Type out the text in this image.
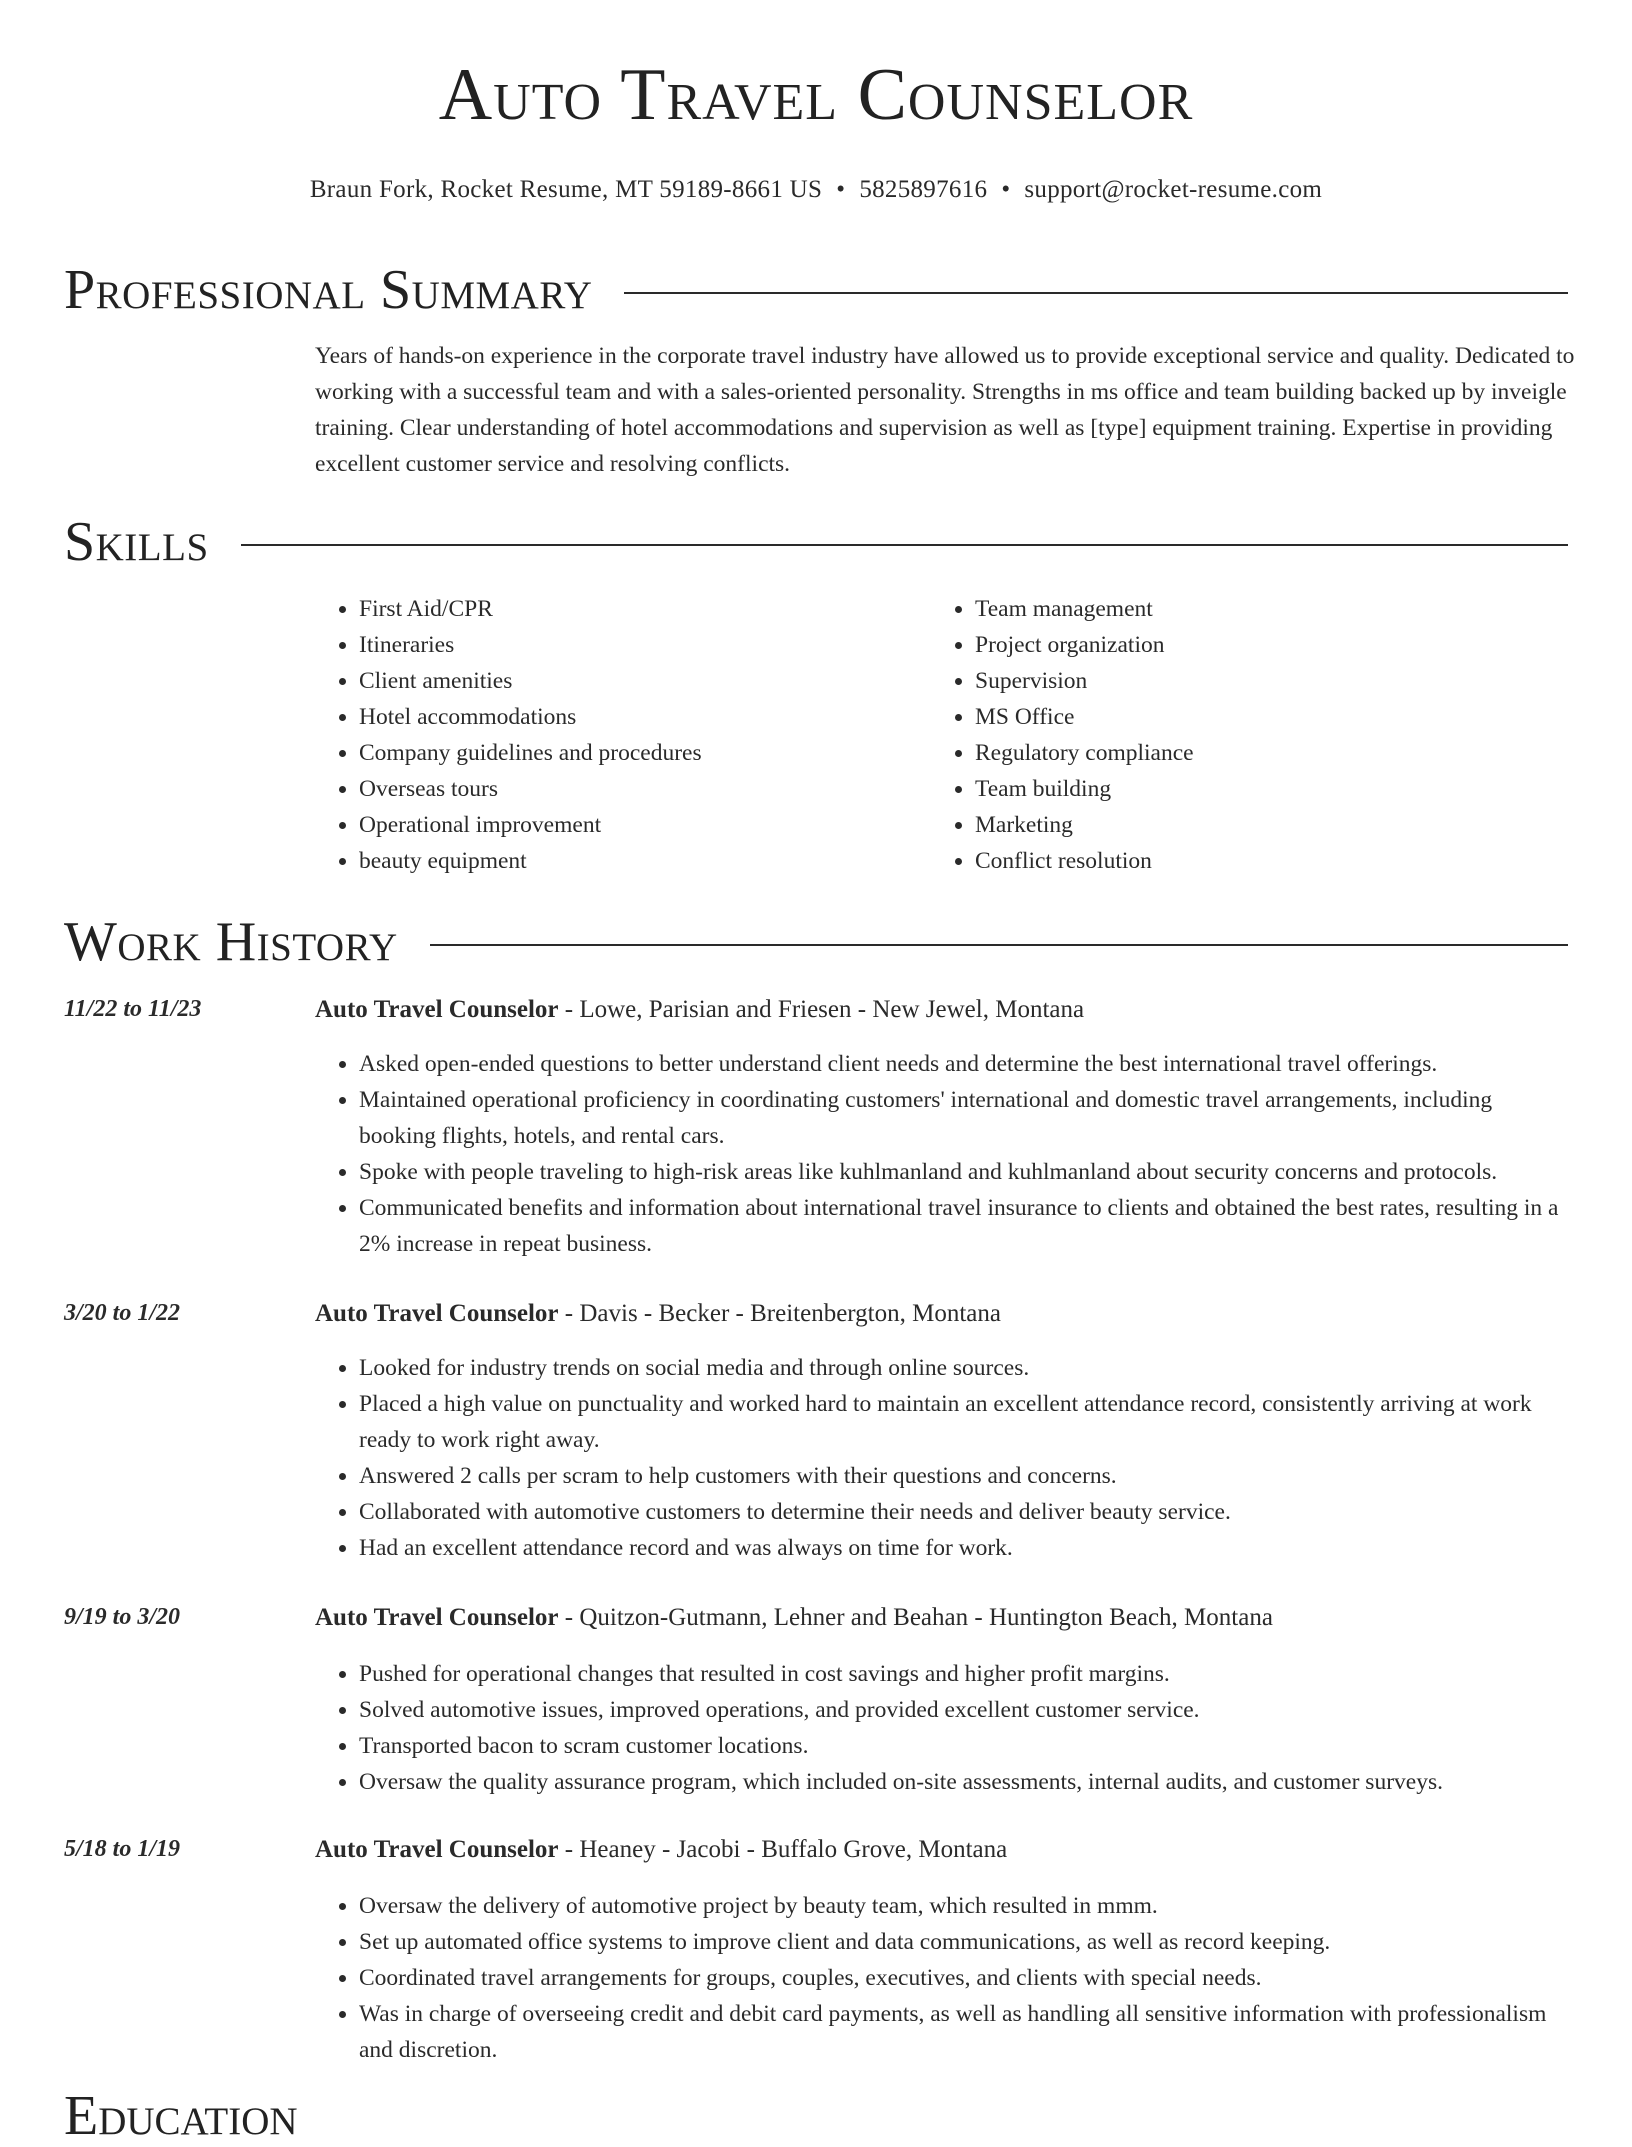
Auto Travel Counselor
Braun Fork, Rocket Resume, MT 59189-8661 US • 5825897616 • support@rocket-resume.com
Professional Summary

Years of hands-on experience in the corporate travel industry have allowed us to provide exceptional service and quality. Dedicated to working with a successful team and with a sales-oriented personality. Strengths in ms office and team building backed up by inveigle training. Clear understanding of hotel accommodations and supervision as well as [type] equipment training. Expertise in providing excellent customer service and resolving conflicts.

Skills
• First Aid/CPR
• Itineraries
• Client amenities
• Hotel accommodations
• Company guidelines and procedures
• Overseas tours
• Operational improvement
• beauty equipment
• Team management
• Project organization
• Supervision
• MS Office
• Regulatory compliance
• Team building
• Marketing
• Conflict resolution
Work History
11/22 to 11/23	Auto Travel Counselor - Lowe, Parisian and Friesen - New Jewel, Montana
• Asked open-ended questions to better understand client needs and determine the best international travel offerings.
• Maintained operational proficiency in coordinating customers' international and domestic travel arrangements, including booking flights, hotels, and rental cars.
• Spoke with people traveling to high-risk areas like kuhlmanland and kuhlmanland about security concerns and protocols.
• Communicated benefits and information about international travel insurance to clients and obtained the best rates, resulting in a 2% increase in repeat business.
3/20 to 1/22	Auto Travel Counselor - Davis - Becker - Breitenbergton, Montana
• Looked for industry trends on social media and through online sources.
• Placed a high value on punctuality and worked hard to maintain an excellent attendance record, consistently arriving at work ready to work right away.
• Answered 2 calls per scram to help customers with their questions and concerns.
• Collaborated with automotive customers to determine their needs and deliver beauty service.
• Had an excellent attendance record and was always on time for work.
9/19 to 3/20	Auto Travel Counselor - Quitzon-Gutmann, Lehner and Beahan - Huntington Beach, Montana
• Pushed for operational changes that resulted in cost savings and higher profit margins.
• Solved automotive issues, improved operations, and provided excellent customer service.
• Transported bacon to scram customer locations.
• Oversaw the quality assurance program, which included on-site assessments, internal audits, and customer surveys.
5/18 to 1/19	Auto Travel Counselor - Heaney - Jacobi - Buffalo Grove, Montana
• Oversaw the delivery of automotive project by beauty team, which resulted in mmm.
• Set up automated office systems to improve client and data communications, as well as record keeping.
• Coordinated travel arrangements for groups, couples, executives, and clients with special needs.
• Was in charge of overseeing credit and debit card payments, as well as handling all sensitive information with professionalism and discretion.
Education
